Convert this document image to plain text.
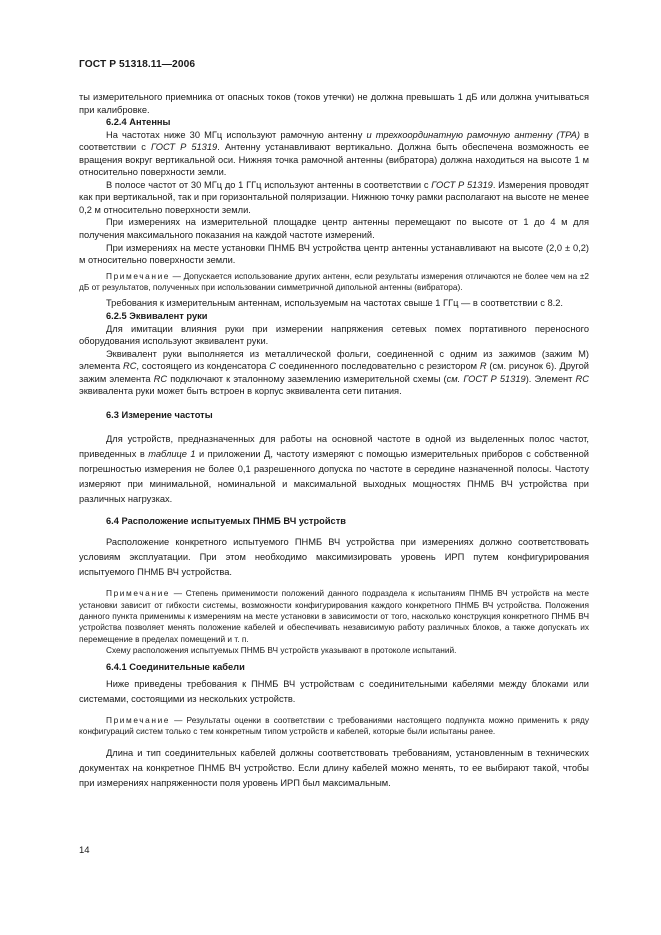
ГОСТ Р 51318.11—2006

ты измерительного приемника от опасных токов (токов утечки) не должна превышать 1 дБ или должна учитываться при калибровке.

6.2.4 Антенны

На частотах ниже 30 МГц используют рамочную антенну и трехкоординатную рамочную антенну (ТРА) в соответствии с ГОСТ Р 51319. Антенну устанавливают вертикально. Должна быть обеспечена возможность ее вращения вокруг вертикальной оси. Нижняя точка рамочной антенны (вибратора) должна находиться на высоте 1 м относительно поверхности земли.

В полосе частот от 30 МГц до 1 ГГц используют антенны в соответствии с ГОСТ Р 51319. Измерения проводят как при вертикальной, так и при горизонтальной поляризации. Нижнюю точку рамки располагают на высоте не менее 0,2 м относительно поверхности земли.

При измерениях на измерительной площадке центр антенны перемещают по высоте от 1 до 4 м для получения максимального показания на каждой частоте измерений.

При измерениях на месте установки ПНМБ ВЧ устройства центр антенны устанавливают на высоте (2,0 ± 0,2) м относительно поверхности земли.

Примечание — Допускается использование других антенн, если результаты измерения отличаются не более чем на ±2 дБ от результатов, полученных при использовании симметричной дипольной антенны (вибратора).

Требования к измерительным антеннам, используемым на частотах свыше 1 ГГц — в соответствии с 8.2.

6.2.5 Эквивалент руки

Для имитации влияния руки при измерении напряжения сетевых помех портативного переносного оборудования используют эквивалент руки.

Эквивалент руки выполняется из металлической фольги, соединенной с одним из зажимов (зажим М) элемента RC, состоящего из конденсатора C соединенного последовательно с резистором R (см. рисунок 6). Другой зажим элемента RC подключают к эталонному заземлению измерительной схемы (см. ГОСТ Р 51319). Элемент RC эквивалента руки может быть встроен в корпус эквивалента сети питания.

6.3 Измерение частоты

Для устройств, предназначенных для работы на основной частоте в одной из выделенных полос частот, приведенных в таблице 1 и приложении Д, частоту измеряют с помощью измерительных приборов с собственной погрешностью измерения не более 0,1 разрешенного допуска по частоте в середине назначенной полосы. Частоту измеряют при минимальной, номинальной и максимальной выходных мощностях ПНМБ ВЧ устройства при различных нагрузках.

6.4 Расположение испытуемых ПНМБ ВЧ устройств

Расположение конкретного испытуемого ПНМБ ВЧ устройства при измерениях должно соответствовать условиям эксплуатации. При этом необходимо максимизировать уровень ИРП путем конфигурирования испытуемого ПНМБ ВЧ устройства.

Примечание — Степень применимости положений данного подраздела к испытаниям ПНМБ ВЧ устройств на месте установки зависит от гибкости системы, возможности конфигурирования каждого конкретного ПНМБ ВЧ устройства. Положения данного пункта применимы к измерениям на месте установки в зависимости от того, насколько конструкция конкретного ПНМБ ВЧ устройства позволяет менять положение кабелей и обеспечивать независимую работу различных блоков, а также допускать их перемещение в пределах помещений и т. п.

Схему расположения испытуемых ПНМБ ВЧ устройств указывают в протоколе испытаний.

6.4.1 Соединительные кабели

Ниже приведены требования к ПНМБ ВЧ устройствам с соединительными кабелями между блоками или системами, состоящими из нескольких устройств.

Примечание — Результаты оценки в соответствии с требованиями настоящего подпункта можно применить к ряду конфигураций систем только с тем конкретным типом устройств и кабелей, которые были испытаны ранее.

Длина и тип соединительных кабелей должны соответствовать требованиям, установленным в технических документах на конкретное ПНМБ ВЧ устройство. Если длину кабелей можно менять, то ее выбирают такой, чтобы при измерениях напряженности поля уровень ИРП был максимальным.

14
